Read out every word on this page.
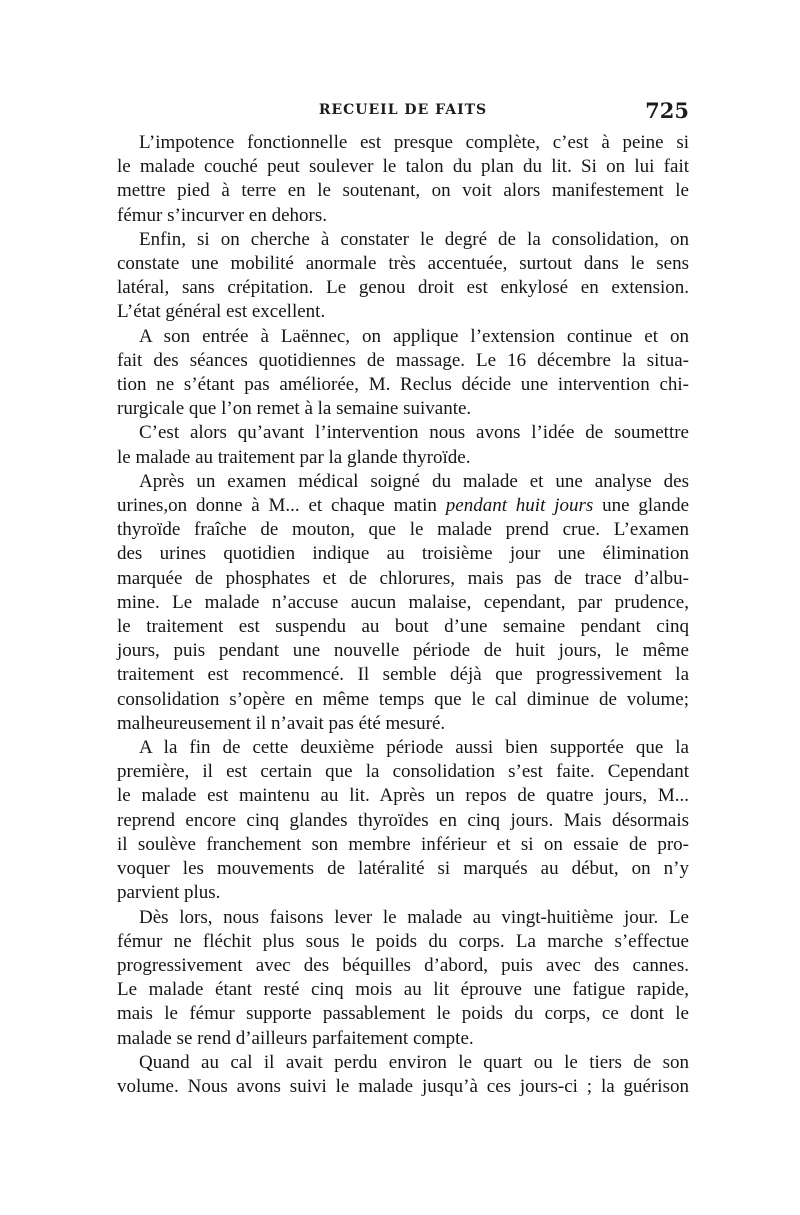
RECUEIL DE FAITS	725
L’impotence fonctionnelle est presque complète, c’est à peine si
le malade couché peut soulever le talon du plan du lit. Si on lui fait
mettre pied à terre en le soutenant, on voit alors manifestement le
fémur s’incurver en dehors.
Enfin, si on cherche à constater le degré de la consolidation, on
constate une mobilité anormale très accentuée, surtout dans le sens
latéral, sans crépitation. Le genou droit est enkylosé en extension.
L’état général est excellent.
A son entrée à Laënnec, on applique l’extension continue et on
fait des séances quotidiennes de massage. Le 16 décembre la situa-
tion ne s’étant pas améliorée, M. Reclus décide une intervention chi-
rurgicale que l’on remet à la semaine suivante.
C’est alors qu’avant l’intervention nous avons l’idée de soumettre
le malade au traitement par la glande thyroïde.
Après un examen médical soigné du malade et une analyse des
urines,on donne à M... et chaque matin pendant huit jours une glande
thyroïde fraîche de mouton, que le malade prend crue. L’examen
des urines quotidien indique au troisième jour une élimination
marquée de phosphates et de chlorures, mais pas de trace d’albu-
mine. Le malade n’accuse aucun malaise, cependant, par prudence,
le traitement est suspendu au bout d’une semaine pendant cinq
jours, puis pendant une nouvelle période de huit jours, le même
traitement est recommencé. Il semble déjà que progressivement la
consolidation s’opère en même temps que le cal diminue de volume;
malheureusement il n’avait pas été mesuré.
A la fin de cette deuxième période aussi bien supportée que la
première, il est certain que la consolidation s’est faite. Cependant
le malade est maintenu au lit. Après un repos de quatre jours, M...
reprend encore cinq glandes thyroïdes en cinq jours. Mais désormais
il soulève franchement son membre inférieur et si on essaie de pro-
voquer les mouvements de latéralité si marqués au début, on n’y
parvient plus.
Dès lors, nous faisons lever le malade au vingt-huitième jour. Le
fémur ne fléchit plus sous le poids du corps. La marche s’effectue
progressivement avec des béquilles d’abord, puis avec des cannes.
Le malade étant resté cinq mois au lit éprouve une fatigue rapide,
mais le fémur supporte passablement le poids du corps, ce dont le
malade se rend d’ailleurs parfaitement compte.
Quand au cal il avait perdu environ le quart ou le tiers de son
volume. Nous avons suivi le malade jusqu’à ces jours-ci ; la guérison
